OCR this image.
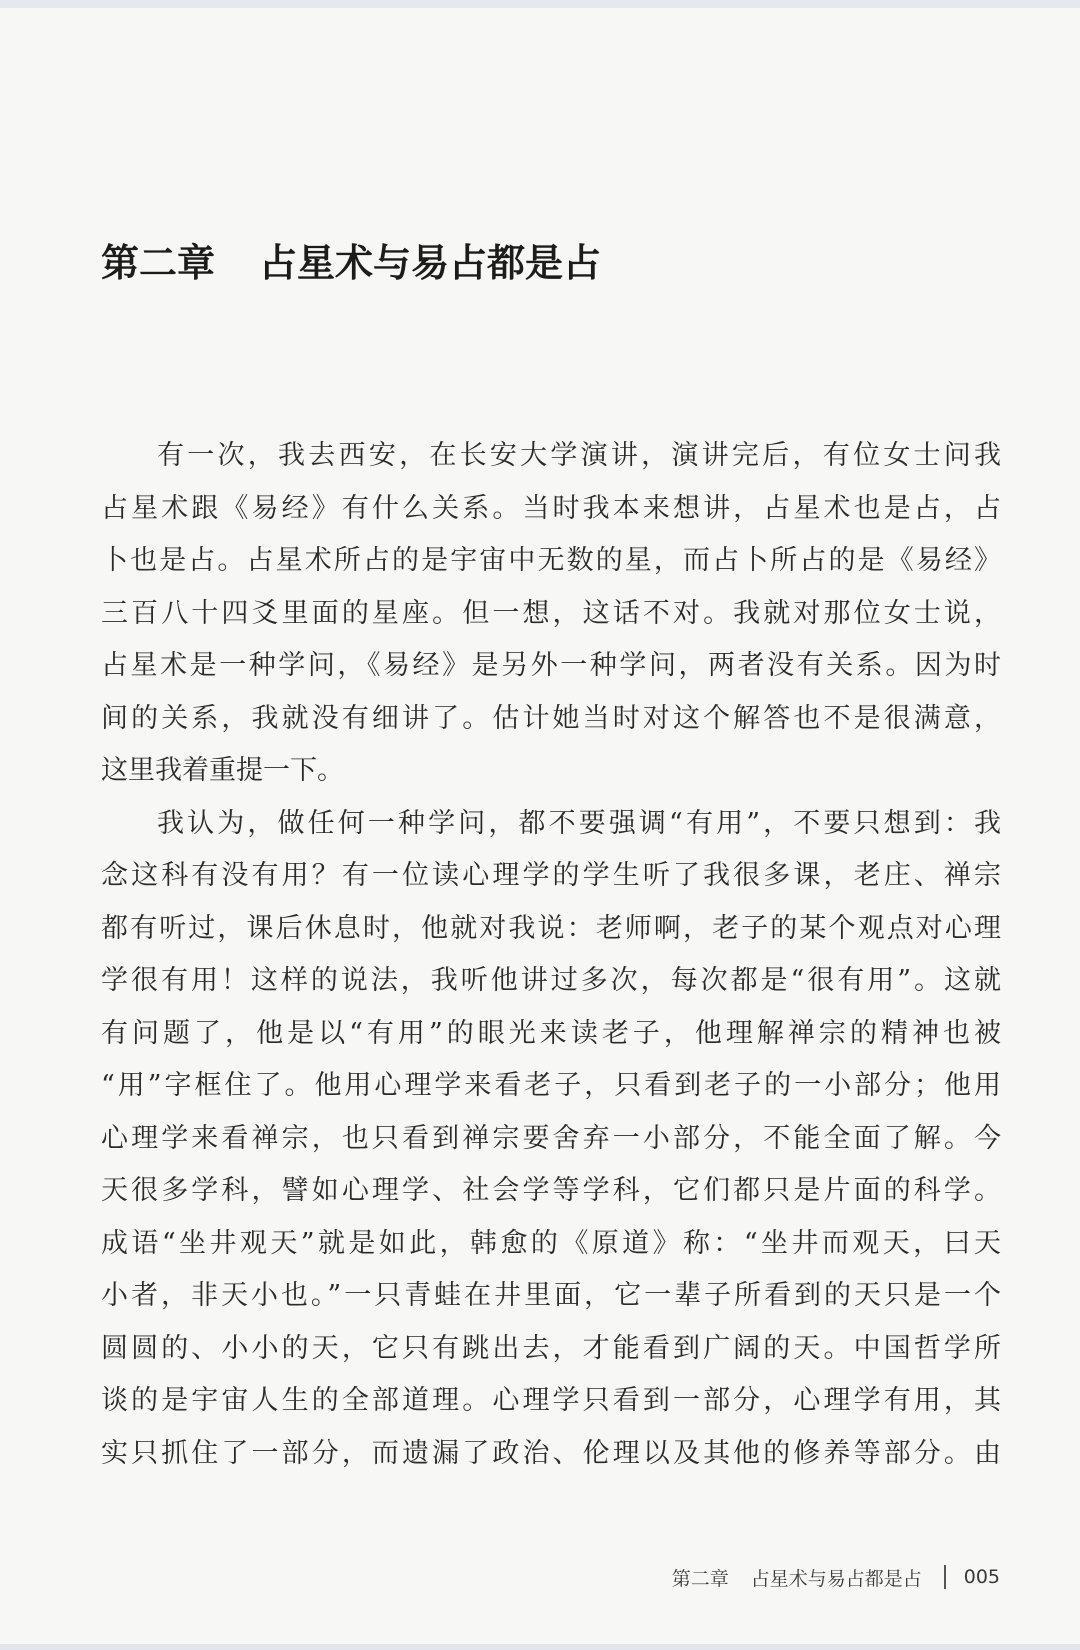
第二章 占星术与易占都是占
有一次，我去西安，在长安大学演讲，演讲完后，有位女士问我
占星术跟《易经》有什么关系。当时我本来想讲，占星术也是占，占
卜也是占。占星术所占的是宇宙中无数的星，而占卜所占的是《易经》
三百八十四爻里面的星座。但一想，这话不对。我就对那位女士说，
占星术是一种学问，《易经》是另外一种学问，两者没有关系。因为时
间的关系，我就没有细讲了。估计她当时对这个解答也不是很满意，
这里我着重提一下。
我认为，做任何一种学问，都不要强调“有用”，不要只想到：我
念这科有没有用？有一位读心理学的学生听了我很多课，老庄、禅宗
都有听过，课后休息时，他就对我说：老师啊，老子的某个观点对心理
学很有用！这样的说法，我听他讲过多次，每次都是“很有用”。这就
有问题了，他是以“有用”的眼光来读老子，他理解禅宗的精神也被
“用”字框住了。他用心理学来看老子，只看到老子的一小部分；他用
心理学来看禅宗，也只看到禅宗要舍弃一小部分，不能全面了解。今
天很多学科，譬如心理学、社会学等学科，它们都只是片面的科学。
成语“坐井观天”就是如此，韩愈的《原道》称：“坐井而观天，曰天
小者，非天小也。”一只青蛙在井里面，它一辈子所看到的天只是一个
圆圆的、小小的天，它只有跳出去，才能看到广阔的天。中国哲学所
谈的是宇宙人生的全部道理。心理学只看到一部分，心理学有用，其
实只抓住了一部分，而遗漏了政治、伦理以及其他的修养等部分。由
第二章 占星术与易占都是占 005
